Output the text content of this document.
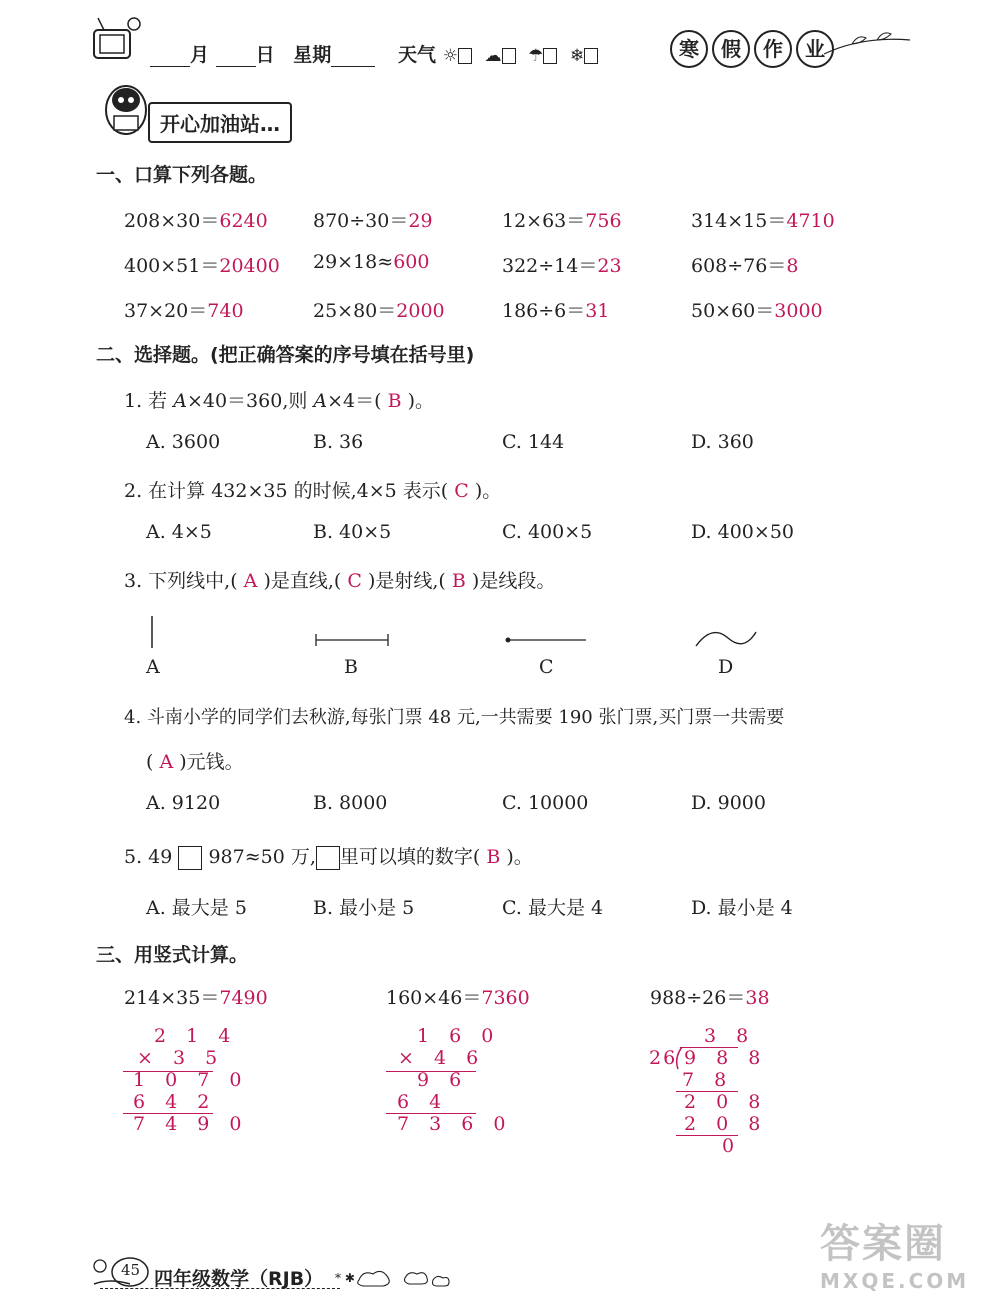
月 日 星期	天气 ☼ ☁ ☂ ❄	寒 假 作 业
开心加油站…
一、口算下列各题。
208×30＝6240 870÷30＝29	12×63＝756	314×15＝4710
400×51＝20400 29×18≈600	322÷14＝23	608÷76＝8
37×20＝740	25×80＝2000	186÷6＝31	50×60＝3000
二、选择题。(把正确答案的序号填在括号里)
1. 若 A×40＝360,则 A×4＝( B )。
A. 3600	B. 36	C. 144	D. 360
2. 在计算 432×35 的时候,4×5 表示( C )。
A. 4×5	B. 40×5	C. 400×5	D. 400×50
3. 下列线中,( A )是直线,( C )是射线,( B )是线段。
A	B	C	D
4. 斗南小学的同学们去秋游,每张门票 48 元,一共需要 190 张门票,买门票一共需要
( A )元钱。
A. 9120	B. 8000	C. 10000	D. 9000
5. 49 987≈50 万, 里可以填的数字( B )。
A. 最大是 5	B. 最小是 5	C. 最大是 4	D. 最小是 4
三、用竖式计算。
214×35＝7490	160×46＝7360	988÷26＝38
2 1 4
× 3 5
1 0 7 0
6 4 2
7 4 9 0
1 6 0
× 4 6
9 6
6 4
7 3 6 0
3 8
26 9 8 8
7 8
2 0 8
2 0 8
0
45 四年级数学（RJB） * ✱
答案圈
MXQE.COM
